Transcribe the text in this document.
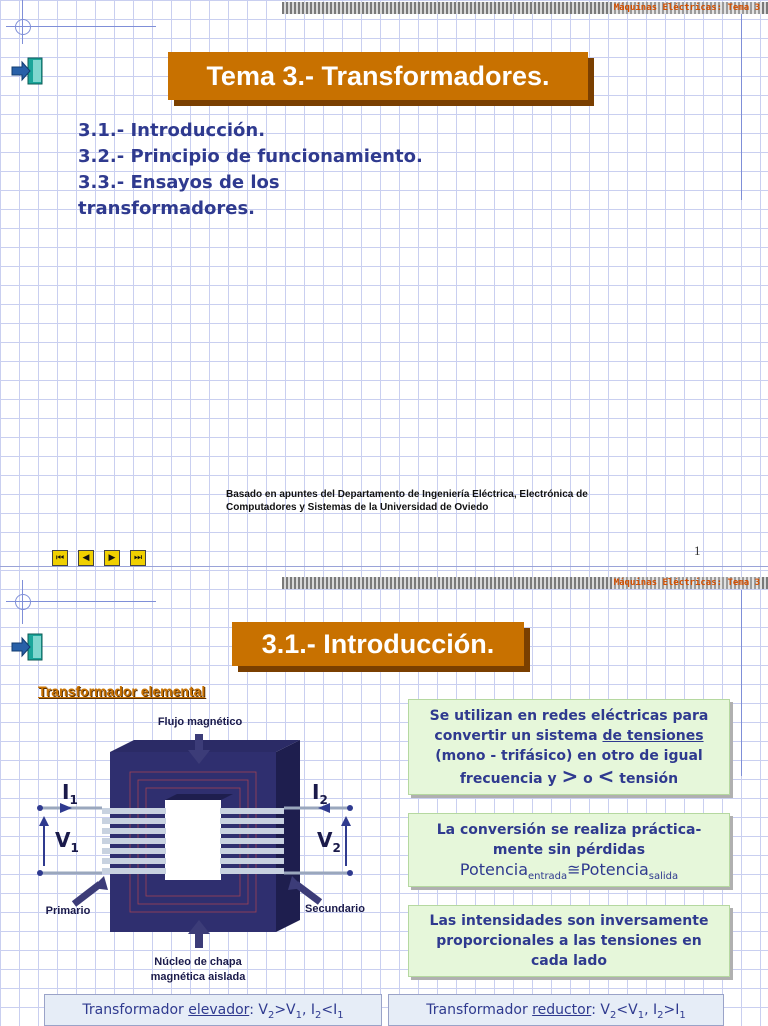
Máquinas Eléctricas: Tema 3
Tema 3.- Transformadores.
3.1.- Introducción.
3.2.- Principio de funcionamiento.
3.3.- Ensayos de los
transformadores.
Basado en apuntes del Departamento de Ingeniería Eléctrica, Electrónica de
Computadores y Sistemas de la Universidad de Oviedo
⏮ ◀ ▶ ⏭	1
Máquinas Eléctricas: Tema 3
3.1.- Introducción.
Transformador elemental
Flujo magnético
Primario	Secundario
Núcleo de chapa
magnética aislada
$I_1$	$I_2$
$V_1$	$V_2$
Se utilizan en redes eléctricas para
convertir un sistema de tensiones
(mono - trifásico) en otro de igual
frecuencia y > o < tensión
La conversión se realiza práctica-
mente sin pérdidas
Potencia$_{entrada}$≅Potencia$_{salida}$
Las intensidades son inversamente
proporcionales a las tensiones en
cada lado
Transformador elevador: $V_2>V_1$, $I_2<I_1$	Transformador reductor: $V_2<V_1$, $I_2>I_1$
